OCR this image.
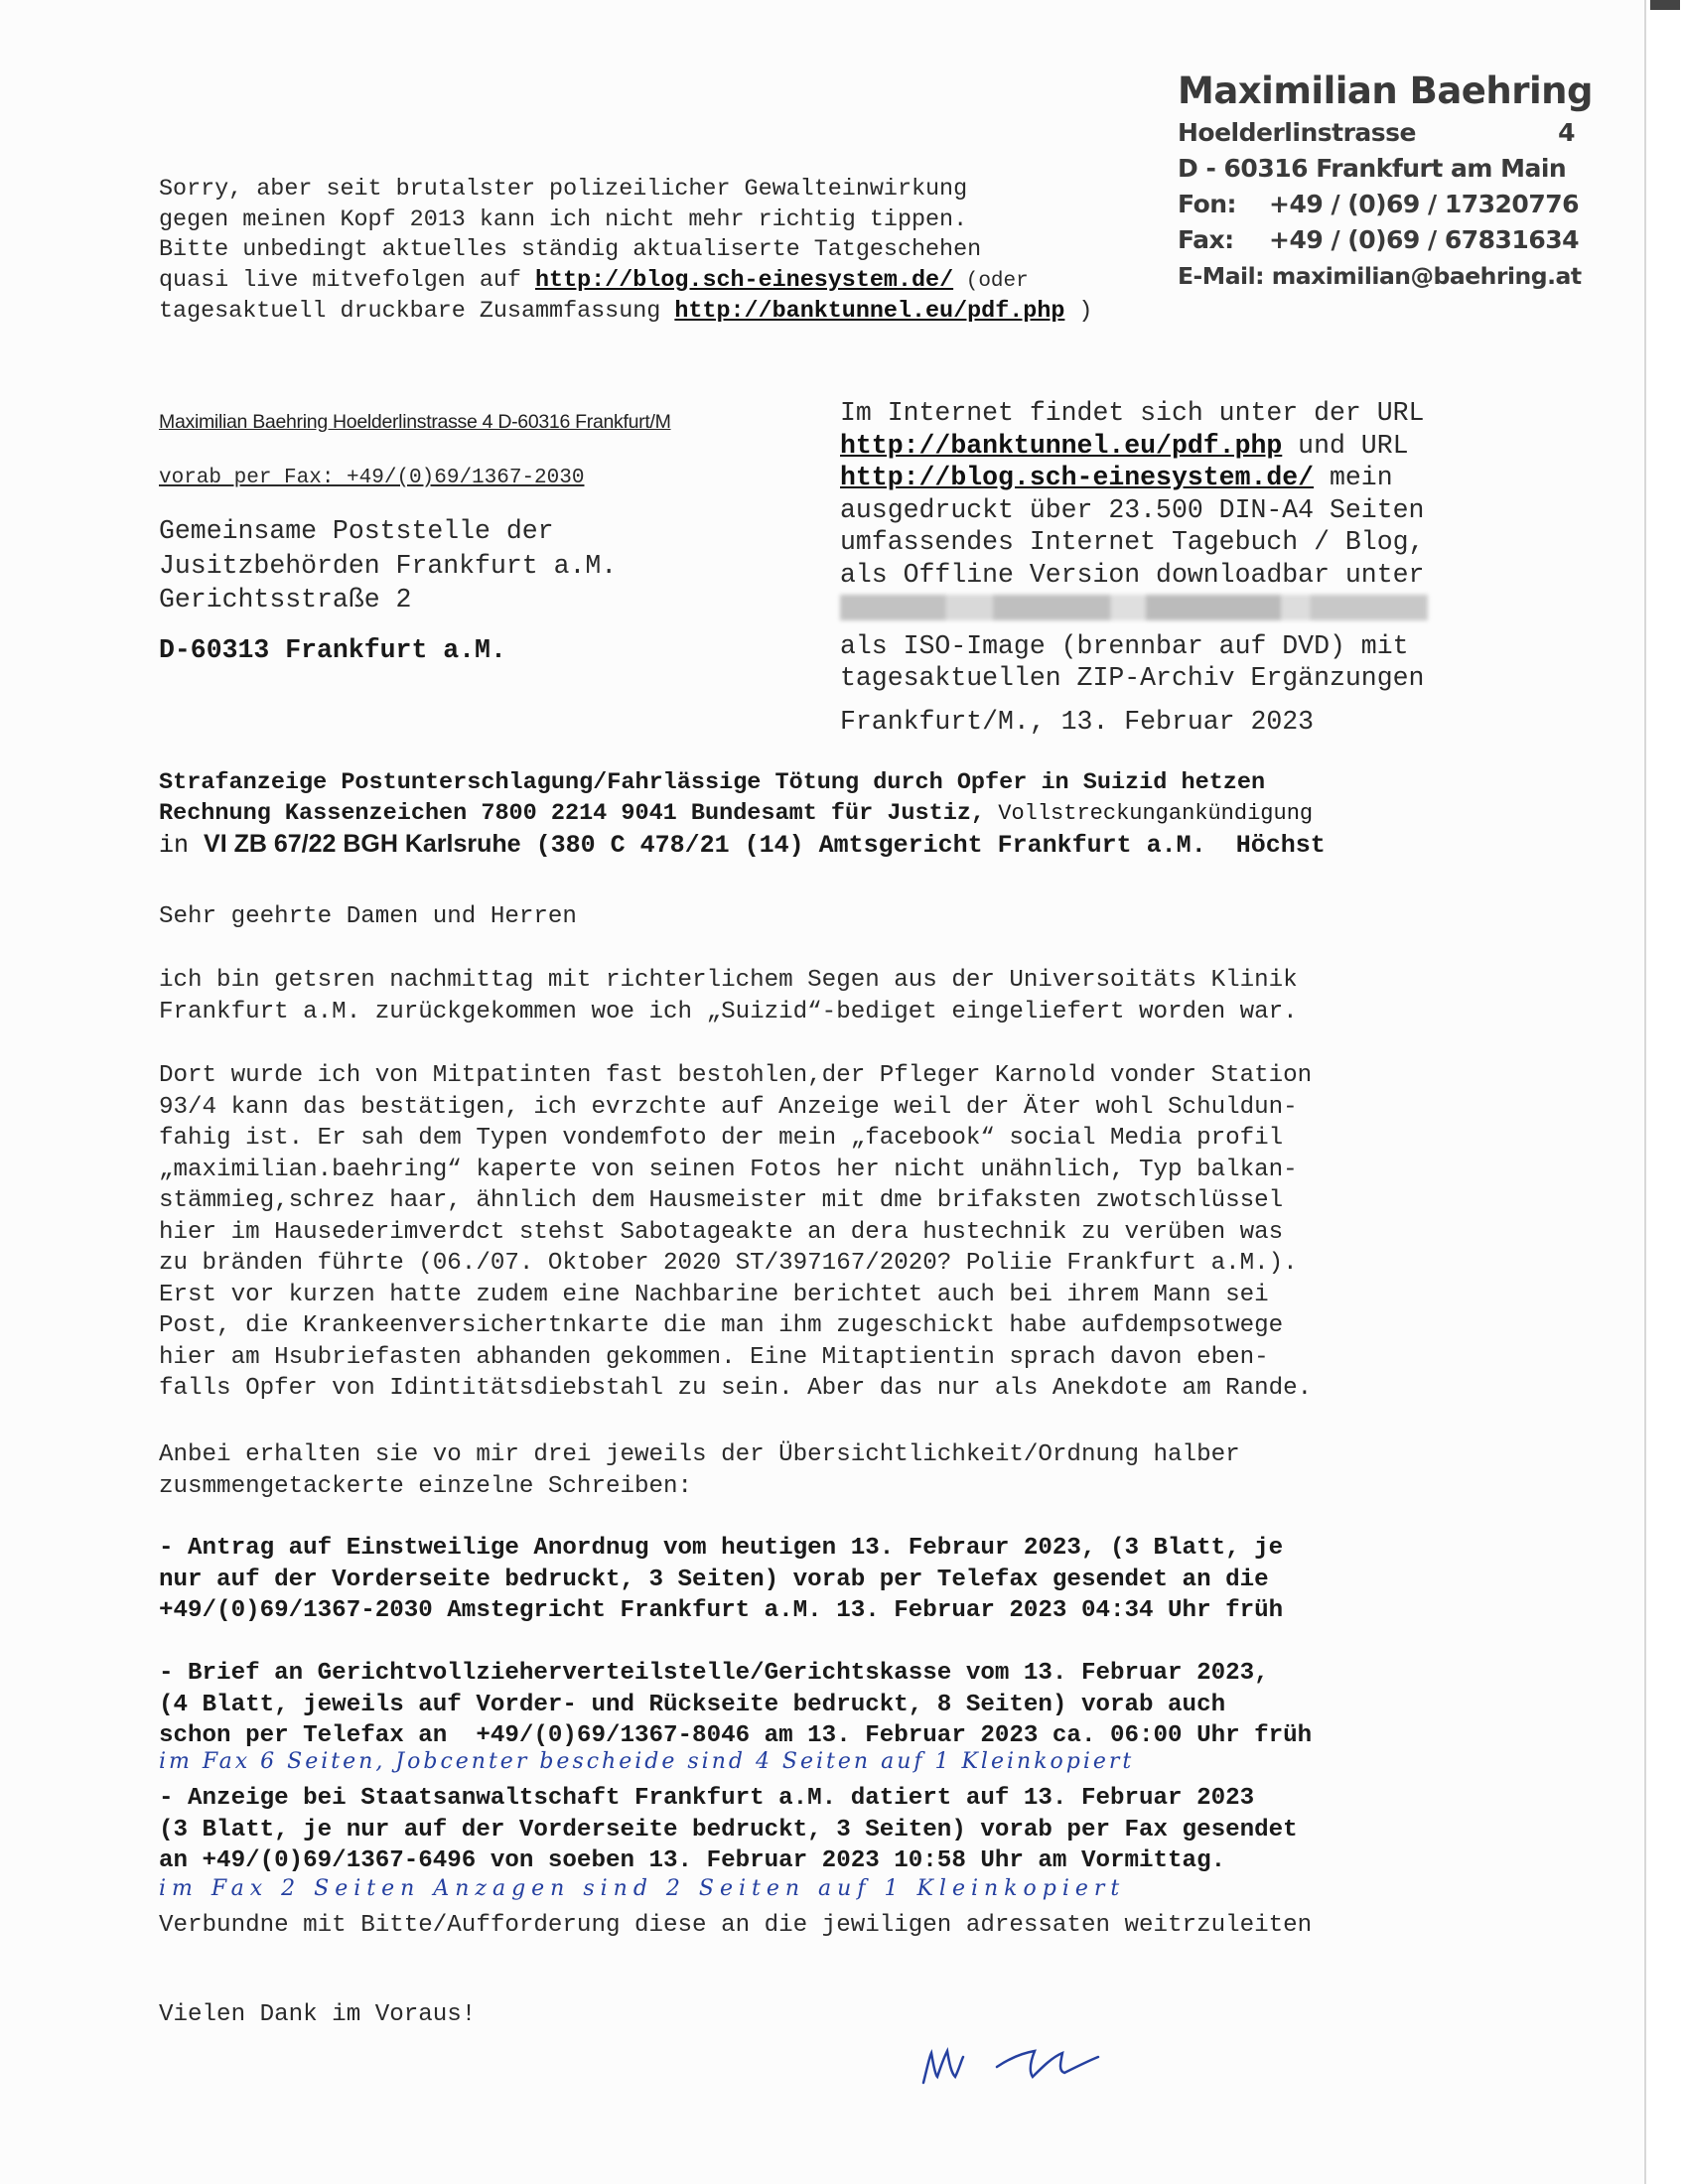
Maximilian Baehring
Hoelderlinstrasse	4
D - 60316 Frankfurt am Main
Fon:	+49 / (0)69 / 17320776
Fax:	+49 / (0)69 / 67831634
E-Mail: maximilian@baehring.at
Sorry, aber seit brutalster polizeilicher Gewalteinwirkung
gegen meinen Kopf 2013 kann ich nicht mehr richtig tippen.
Bitte unbedingt aktuelles ständig aktualiserte Tatgeschehen
quasi live mitvefolgen auf http://blog.sch-einesystem.de/ (oder
tagesaktuell druckbare Zusammfassung http://banktunnel.eu/pdf.php )
Maximilian Baehring Hoelderlinstrasse 4 D-60316 Frankfurt/M
vorab per Fax: +49/(0)69/1367-2030
Gemeinsame Poststelle der
Jusitzbehörden Frankfurt a.M.
Gerichtsstraße 2
D-60313 Frankfurt a.M.
Im Internet findet sich unter der URL
http://banktunnel.eu/pdf.php und URL
http://blog.sch-einesystem.de/ mein
ausgedruckt über 23.500 DIN-A4 Seiten
umfassendes Internet Tagebuch / Blog,
als Offline Version downloadbar unter
als ISO-Image (brennbar auf DVD) mit
tagesaktuellen ZIP-Archiv Ergänzungen
Frankfurt/M., 13. Februar 2023
Strafanzeige Postunterschlagung/Fahrlässige Tötung durch Opfer in Suizid hetzen
Rechnung Kassenzeichen 7800 2214 9041 Bundesamt für Justiz, Vollstreckungankündigung
in VI ZB 67/22 BGH Karlsruhe (380 C 478/21 (14) Amtsgericht Frankfurt a.M.  Höchst
Sehr geehrte Damen und Herren
ich bin getsren nachmittag mit richterlichem Segen aus der Universoitäts Klinik
Frankfurt a.M. zurückgekommen woe ich „Suizid“-bediget eingeliefert worden war.
Dort wurde ich von Mitpatinten fast bestohlen,der Pfleger Karnold vonder Station
93/4 kann das bestätigen, ich evrzchte auf Anzeige weil der Äter wohl Schuldun-
fahig ist. Er sah dem Typen vondemfoto der mein „facebook“ social Media profil
„maximilian.baehring“ kaperte von seinen Fotos her nicht unähnlich, Typ balkan-
stämmieg,schrez haar, ähnlich dem Hausmeister mit dme brifaksten zwotschlüssel
hier im Hausederimverdct stehst Sabotageakte an dera hustechnik zu verüben was
zu bränden führte (06./07. Oktober 2020 ST/397167/2020? Poliie Frankfurt a.M.).
Erst vor kurzen hatte zudem eine Nachbarine berichtet auch bei ihrem Mann sei
Post, die Krankeenversichertnkarte die man ihm zugeschickt habe aufdempsotwege
hier am Hsubriefasten abhanden gekommen. Eine Mitaptientin sprach davon eben-
falls Opfer von Idintitätsdiebstahl zu sein. Aber das nur als Anekdote am Rande.
Anbei erhalten sie vo mir drei jeweils der Übersichtlichkeit/Ordnung halber
zusmmengetackerte einzelne Schreiben:
- Antrag auf Einstweilige Anordnug vom heutigen 13. Febraur 2023, (3 Blatt, je
nur auf der Vorderseite bedruckt, 3 Seiten) vorab per Telefax gesendet an die
+49/(0)69/1367-2030 Amstegricht Frankfurt a.M. 13. Februar 2023 04:34 Uhr früh
- Brief an Gerichtvollzieherverteilstelle/Gerichtskasse vom 13. Februar 2023,
(4 Blatt, jeweils auf Vorder- und Rückseite bedruckt, 8 Seiten) vorab auch
schon per Telefax an  +49/(0)69/1367-8046 am 13. Februar 2023 ca. 06:00 Uhr früh
im Fax 6 Seiten, Jobcenter bescheide sind 4 Seiten auf 1 Kleinkopiert
- Anzeige bei Staatsanwaltschaft Frankfurt a.M. datiert auf 13. Februar 2023
(3 Blatt, je nur auf der Vorderseite bedruckt, 3 Seiten) vorab per Fax gesendet
an +49/(0)69/1367-6496 von soeben 13. Februar 2023 10:58 Uhr am Vormittag.
im Fax 2 Seiten Anzagen sind 2 Seiten auf 1 Kleinkopiert
Verbundne mit Bitte/Aufforderung diese an die jewiligen adressaten weitrzuleiten
Vielen Dank im Voraus!
